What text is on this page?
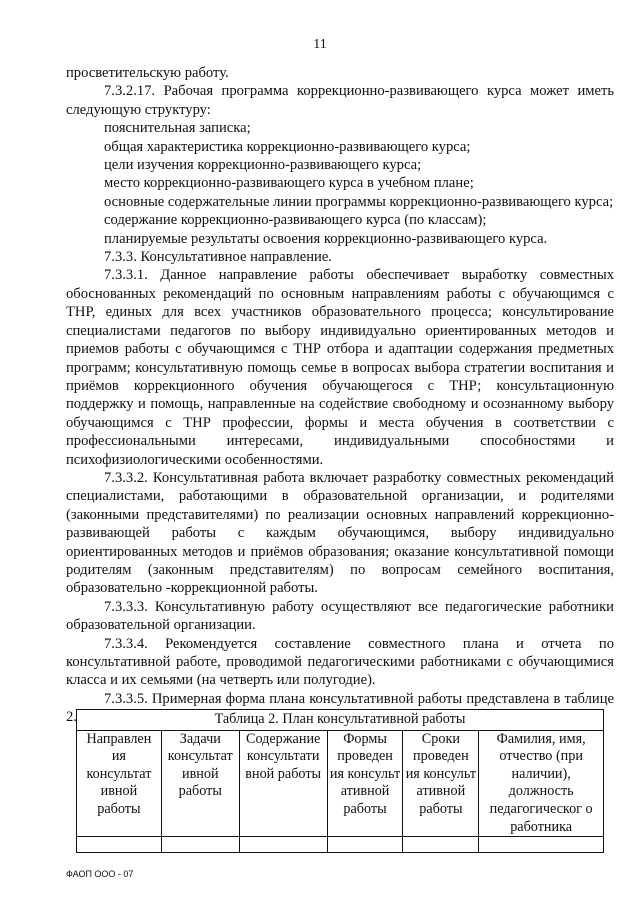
11

просветительскую работу.

7.3.2.17. Рабочая программа коррекционно-развивающего курса может иметь следующую структуру:

пояснительная записка;

общая характеристика коррекционно-развивающего курса;

цели изучения коррекционно-развивающего курса;

место коррекционно-развивающего курса в учебном плане;

основные содержательные линии программы коррекционно-развивающего курса;

содержание коррекционно-развивающего курса (по классам);

планируемые результаты освоения коррекционно-развивающего курса.

7.3.3. Консультативное направление.

7.3.3.1. Данное направление работы обеспечивает выработку совместных обоснованных рекомендаций по основным направлениям работы с обучающимся с ТНР, единых для всех участников образовательного процесса; консультирование специалистами педагогов по выбору индивидуально ориентированных методов и приемов работы с обучающимся с ТНР отбора и адаптации содержания предметных программ; консультативную помощь семье в вопросах выбора стратегии воспитания и приёмов коррекционного обучения обучающегося с ТНР; консультационную поддержку и помощь, направленные на содействие свободному и осознанному выбору обучающимся с ТНР профессии, формы и места обучения в соответствии с профессиональными интересами, индивидуальными способностями и психофизиологическими особенностями.

7.3.3.2. Консультативная работа включает разработку совместных рекомендаций специалистами, работающими в образовательной организации, и родителями (законными представителями) по реализации основных направлений коррекционно-развивающей работы с каждым обучающимся, выбору индивидуально ориентированных методов и приёмов образования; оказание консультативной помощи родителям (законным представителям) по вопросам семейного воспитания, образовательно -коррекционной работы.

7.3.3.3. Консультативную работу осуществляют все педагогические работники образовательной организации.

7.3.3.4. Рекомендуется составление совместного плана и отчета по консультативной работе, проводимой педагогическими работниками с обучающимися класса и их семьями (на четверть или полугодие).

7.3.3.5. Примерная форма плана консультативной работы представлена в таблице 2.	Таблица 2. План консультативной работы					
Направлен ия консультат ивной работы	Задачи консультат ивной работы	Содержание консультати вной работы	Формы проведен ия консульт ативной работы	Сроки проведен ия консульт ативной работы	Фамилия, имя, отчество (при наличии), должность педагогическог о работника

ФАОП ООО - 07
